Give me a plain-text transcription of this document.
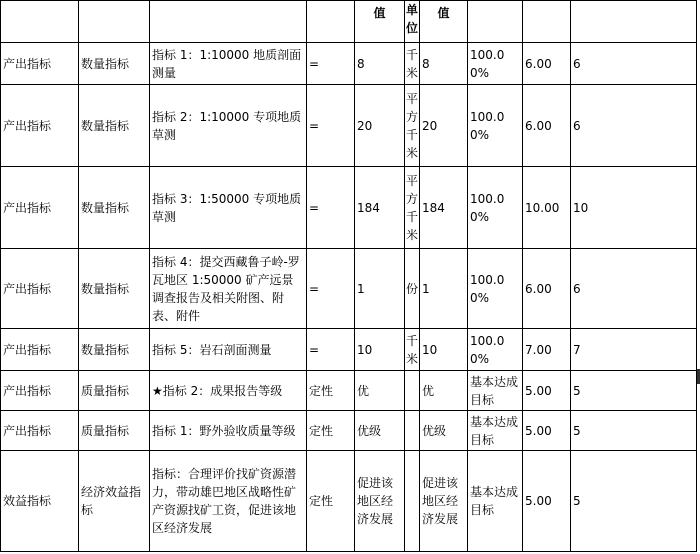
				值	单位	值			
产出指标	数量指标	指标 1：1:10000 地质剖面测量	=	8	千米	8	100.00%	6.00	6
产出指标	数量指标	指标 2：1:10000 专项地质草测	=	20	平方千米	20	100.00%	6.00	6
产出指标	数量指标	指标 3：1:50000 专项地质草测	=	184	平方千米	184	100.00%	10.00	10
产出指标	数量指标	指标 4：提交西藏鲁子岭-罗瓦地区 1:50000 矿产远景调查报告及相关附图、附表、附件	=	1	份	1	100.00%	6.00	6
产出指标	数量指标	指标 5：岩石剖面测量	=	10	千米	10	100.00%	7.00	7
产出指标	质量指标	★指标 2：成果报告等级	定性	优		优	基本达成目标	5.00	5
产出指标	质量指标	指标 1：野外验收质量等级	定性	优级		优级	基本达成目标	5.00	5
效益指标	经济效益指标	指标：合理评价找矿资源潜力，带动雄巴地区战略性矿产资源找矿工资，促进该地区经济发展	定性	促进该地区经济发展		促进该地区经济发展	基本达成目标	5.00	5
